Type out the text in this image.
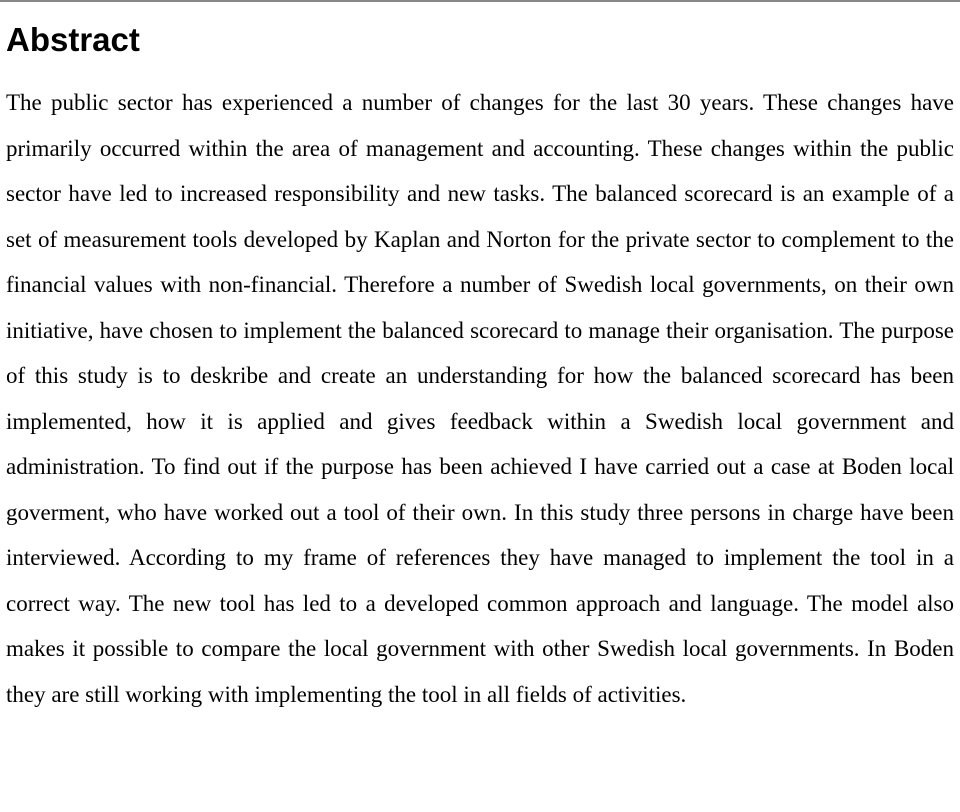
Abstract

The public sector has experienced a number of changes for the last 30 years. These changes have primarily occurred within the area of management and accounting. These changes within the public sector have led to increased responsibility and new tasks. The balanced scorecard is an example of a set of measurement tools developed by Kaplan and Norton for the private sector to complement to the financial values with non-financial. Therefore a number of Swedish local governments, on their own initiative, have chosen to implement the balanced scorecard to manage their organisation. The purpose of this study is to deskribe and create an understanding for how the balanced scorecard has been implemented, how it is applied and gives feedback within a Swedish local government and administration. To find out if the purpose has been achieved I have carried out a case at Boden local goverment, who have worked out a tool of their own. In this study three persons in charge have been interviewed. According to my frame of references they have managed to implement the tool in a correct way. The new tool has led to a developed common approach and language. The model also makes it possible to compare the local government with other Swedish local governments. In Boden they are still working with implementing the tool in all fields of activities.
